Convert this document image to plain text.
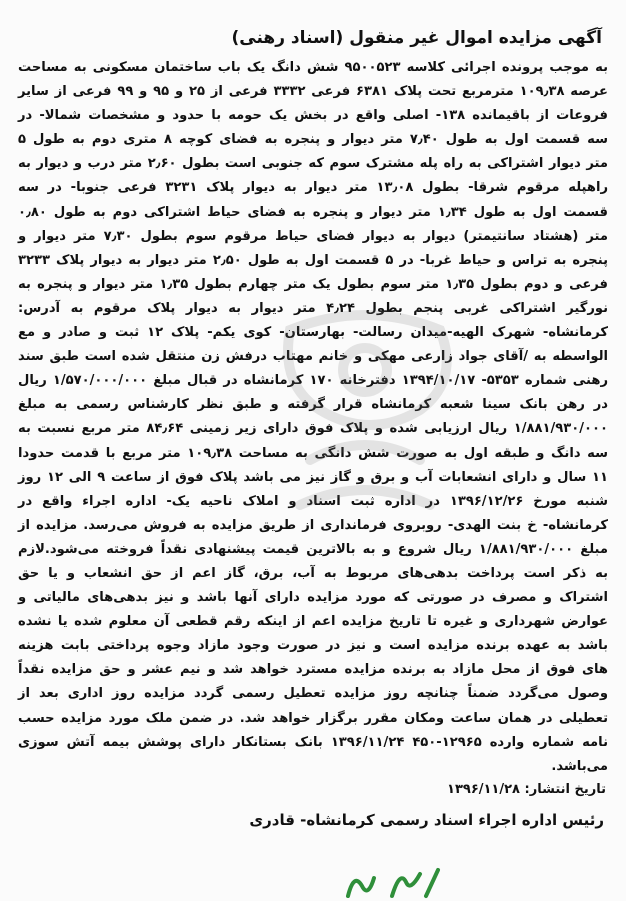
آگهی مزایده اموال غیر منقول (اسناد رهنی)

به موجب پرونده اجرائی کلاسه ۹۵۰۰۵۲۳ شش دانگ یک باب ساختمان مسکونی به مساحت عرصه ۱۰۹٫۳۸ مترمربع تحت پلاک ۶۳۸۱ فرعی ۳۳۳۲ فرعی از ۲۵ و ۹۵ و ۹۹ فرعی از سایر فروعات از باقیمانده ۱۳۸- اصلی واقع در بخش یک حومه با حدود و مشخصات شمالا- در سه قسمت اول به طول ۷٫۴۰ متر دیوار و پنجره به فضای کوچه ۸ متری دوم به طول ۵ متر دیوار اشتراکی به راه پله مشترک سوم که جنوبی است بطول ۲٫۶۰ متر درب و دیوار به راهپله مرقوم شرقا- بطول ۱۳٫۰۸ متر دیوار به دیوار پلاک ۳۲۳۱ فرعی جنوبا- در سه قسمت اول به طول ۱٫۳۴ متر دیوار و پنجره به فضای حیاط اشتراکی دوم به طول ۰٫۸۰ متر (هشتاد سانتیمتر) دیوار به دیوار فضای حیاط مرقوم سوم بطول ۷٫۳۰ متر دیوار و پنجره به تراس و حیاط غربا- در ۵ قسمت اول به طول ۲٫۵۰ متر دیوار به دیوار پلاک ۳۲۳۳ فرعی و دوم بطول ۱٫۳۵ متر سوم بطول یک متر چهارم بطول ۱٫۳۵ متر دیوار و پنجره به نورگیر اشتراکی غربی پنجم بطول ۴٫۲۴ متر دیوار به دیوار پلاک مرقوم به آدرس: کرمانشاه- شهرک الهیه-میدان رسالت- بهارستان- کوی یکم- پلاک ۱۲ ثبت و صادر و مع الواسطه به /آقای جواد زارعی مهکی و خانم مهتاب درفش زن منتقل شده است طبق سند رهنی شماره ۵۳۵۳- ۱۳۹۴/۱۰/۱۷ دفترخانه ۱۷۰ کرمانشاه در قبال مبلغ ۱/۵۷۰/۰۰۰/۰۰۰ ریال در رهن بانک سینا شعبه کرمانشاه قرار گرفته و طبق نظر کارشناس رسمی به مبلغ ۱/۸۸۱/۹۳۰/۰۰۰ ریال ارزیابی شده و پلاک فوق دارای زیر زمینی ۸۴٫۶۴ متر مربع نسبت به سه دانگ و طبقه اول به صورت شش دانگی به مساحت ۱۰۹٫۳۸ متر مربع با قدمت حدودا ۱۱ سال و دارای انشعابات آب و برق و گاز نیز می باشد پلاک فوق از ساعت ۹ الی ۱۲ روز شنبه مورخ ۱۳۹۶/۱۲/۲۶ در اداره ثبت اسناد و املاک ناحیه یک- اداره اجراء واقع در کرمانشاه- خ بنت الهدی- روبروی فرمانداری از طریق مزایده به فروش می‌رسد. مزایده از مبلغ ۱/۸۸۱/۹۳۰/۰۰۰ ریال شروع و به بالاترین قیمت پیشنهادی نقداً فروخته می‌شود.لازم به ذکر است پرداخت بدهی‌های مربوط به آب، برق، گاز اعم از حق انشعاب و یا حق اشتراک و مصرف در صورتی که مورد مزایده دارای آنها باشد و نیز بدهی‌های مالیاتی و عوارض شهرداری و غیره تا تاریخ مزایده اعم از اینکه رقم قطعی آن معلوم شده یا نشده باشد به عهده برنده مزایده است و نیز در صورت وجود مازاد وجوه پرداختی بابت هزینه های فوق از محل مازاد به برنده مزایده مسترد خواهد شد و نیم عشر و حق مزایده نقداً وصول می‌گردد ضمناً چنانچه روز مزایده تعطیل رسمی گردد مزایده روز اداری بعد از تعطیلی در همان ساعت ومکان مقرر برگزار خواهد شد. در ضمن ملک مورد مزایده حسب نامه شماره وارده ۱۲۹۶۵-۴۵۰ ۱۳۹۶/۱۱/۲۴ بانک بستانکار دارای پوشش بیمه آتش سوزی می‌باشد.

تاریخ انتشار: ۱۳۹۶/۱۱/۲۸
رئیس اداره اجراء اسناد رسمی کرمانشاه- قادری
